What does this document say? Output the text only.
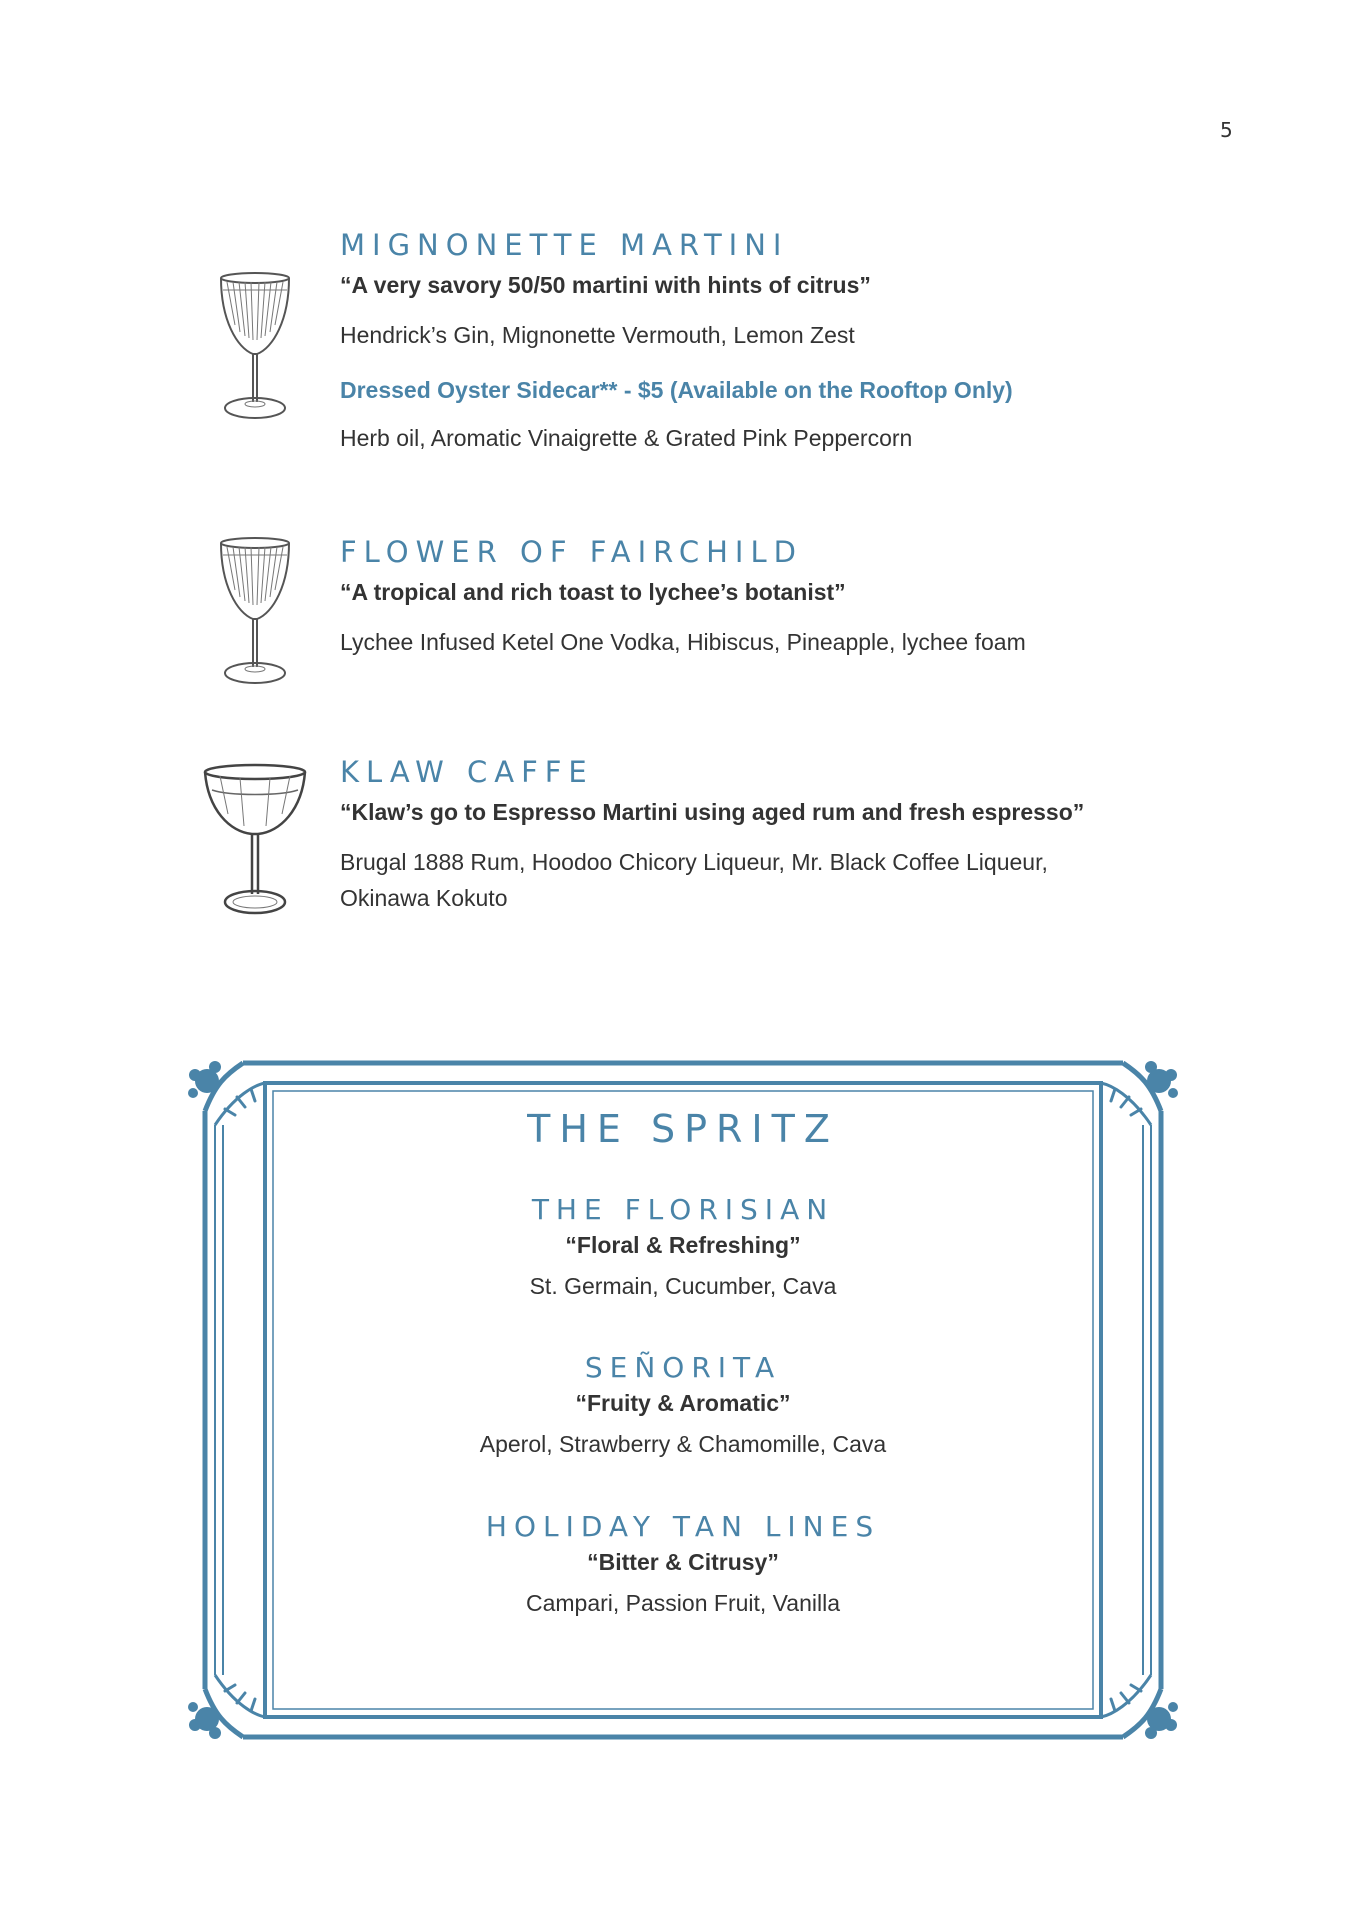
5
MIGNONETTE MARTINI
“A very savory 50/50 martini with hints of citrus”
Hendrick’s Gin, Mignonette Vermouth, Lemon Zest
Dressed Oyster Sidecar** - $5 (Available on the Rooftop Only)
Herb oil, Aromatic Vinaigrette & Grated Pink Peppercorn
FLOWER OF FAIRCHILD
“A tropical and rich toast to lychee’s botanist”
Lychee Infused Ketel One Vodka, Hibiscus, Pineapple, lychee foam
KLAW CAFFE
“Klaw’s go to Espresso Martini using aged rum and fresh espresso”
Brugal 1888 Rum, Hoodoo Chicory Liqueur, Mr. Black Coffee Liqueur,
Okinawa Kokuto
THE SPRITZ
THE FLORISIAN
“Floral & Refreshing”
St. Germain, Cucumber, Cava
SEÑORITA
“Fruity & Aromatic”
Aperol, Strawberry & Chamomille, Cava
HOLIDAY TAN LINES
“Bitter & Citrusy”
Campari, Passion Fruit, Vanilla
